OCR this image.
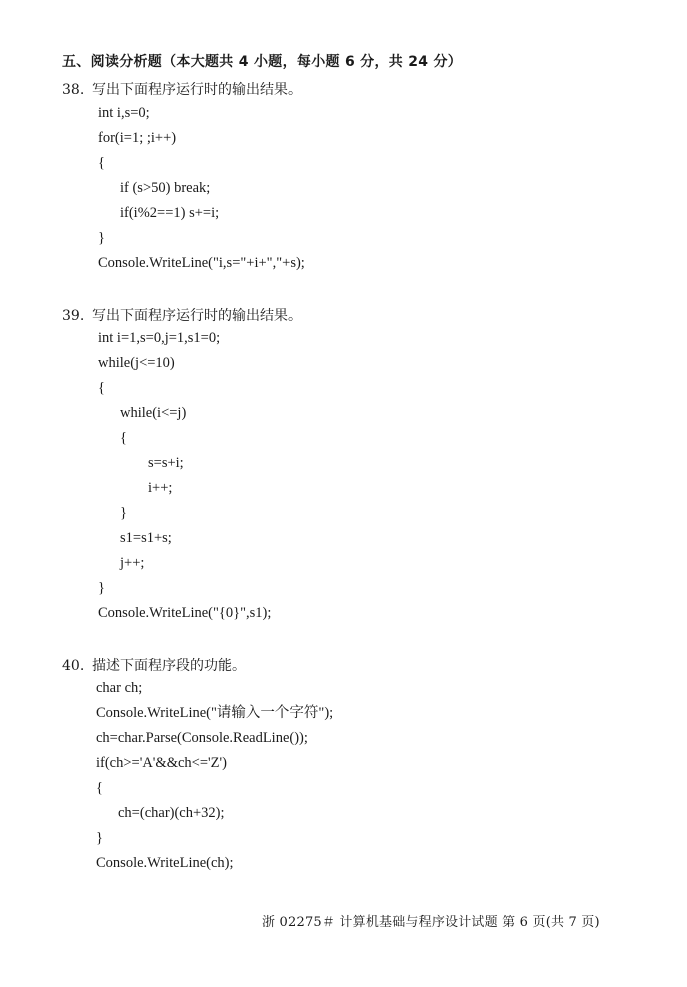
五、阅读分析题（本大题共 4 小题，每小题 6 分，共 24 分）
38. 写出下面程序运行时的输出结果。
int i,s=0;
for(i=1; ;i++)
{
if (s>50) break;
if(i%2==1) s+=i;
}
Console.WriteLine("i,s="+i+","+s);
39. 写出下面程序运行时的输出结果。
int i=1,s=0,j=1,s1=0;
while(j<=10)
{
while(i<=j)
{
s=s+i;
i++;
}
s1=s1+s;
j++;
}
Console.WriteLine("{0}",s1);
40. 描述下面程序段的功能。
char ch;
Console.WriteLine("请输入一个字符");
ch=char.Parse(Console.ReadLine());
if(ch>='A'&&ch<='Z')
{
ch=(char)(ch+32);
}
Console.WriteLine(ch);
浙 02275＃ 计算机基础与程序设计试题 第 6 页(共 7 页)
